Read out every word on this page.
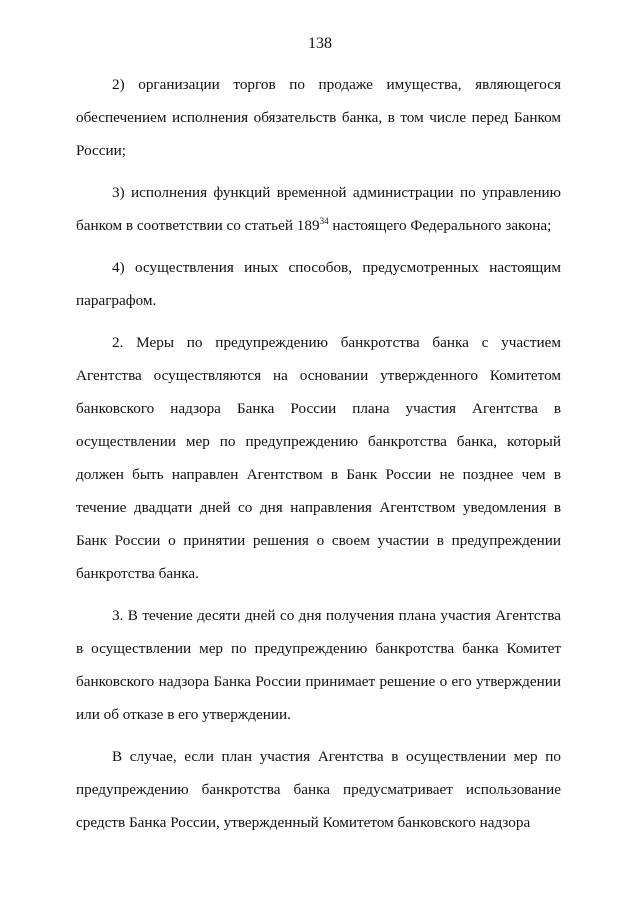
138

2) организации торгов по продаже имущества, являющегося обеспечением исполнения обязательств банка, в том числе перед Банком России;

3) исполнения функций временной администрации по управлению банком в соответствии со статьей $189^{34}$ настоящего Федерального закона;

4) осуществления иных способов, предусмотренных настоящим параграфом.

2. Меры по предупреждению банкротства банка с участием Агентства осуществляются на основании утвержденного Комитетом банковского надзора Банка России плана участия Агентства в осуществлении мер по предупреждению банкротства банка, который должен быть направлен Агентством в Банк России не позднее чем в течение двадцати дней со дня направления Агентством уведомления в Банк России о принятии решения о своем участии в предупреждении банкротства банка.

3. В течение десяти дней со дня получения плана участия Агентства в осуществлении мер по предупреждению банкротства банка Комитет банковского надзора Банка России принимает решение о его утверждении или об отказе в его утверждении.

В случае, если план участия Агентства в осуществлении мер по предупреждению банкротства банка предусматривает использование средств Банка России, утвержденный Комитетом банковского надзора
